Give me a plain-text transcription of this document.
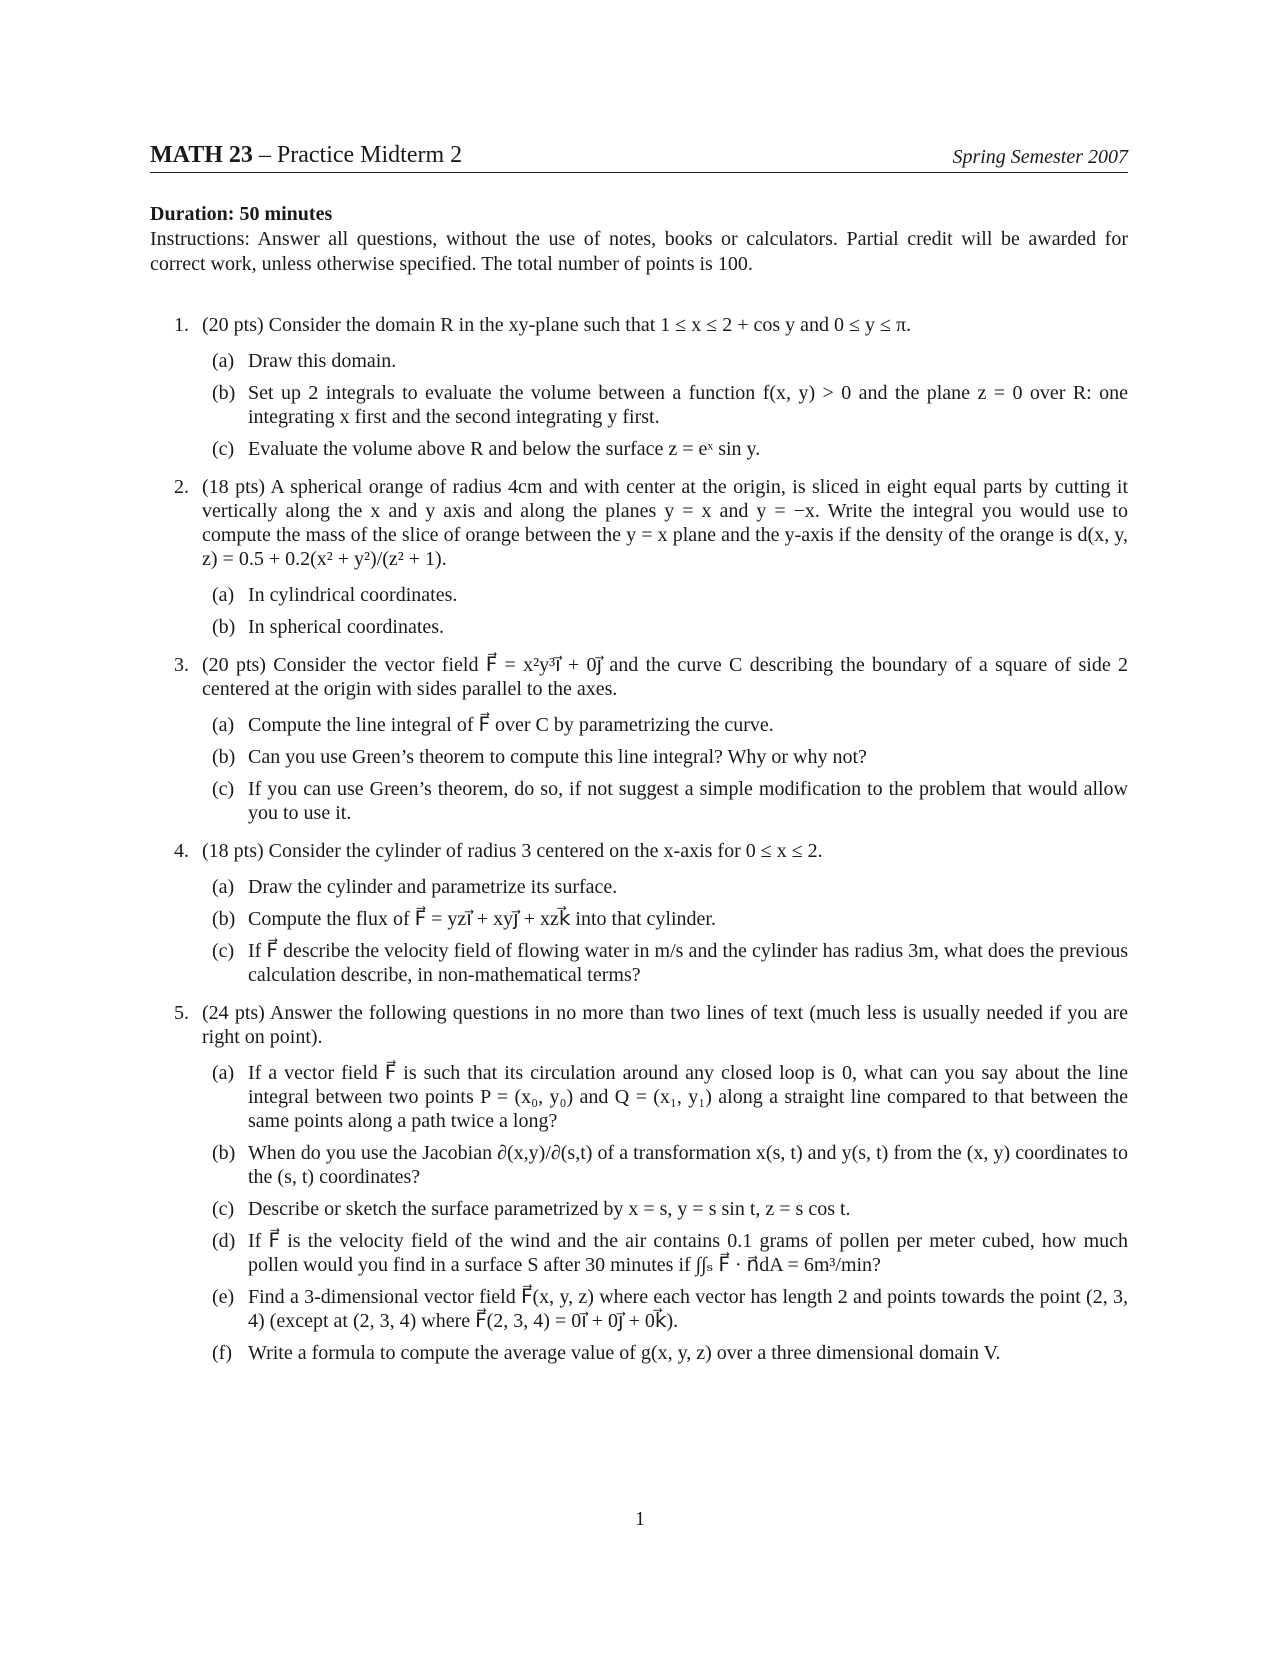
MATH 23 – Practice Midterm 2	Spring Semester 2007
Duration: 50 minutes
Instructions: Answer all questions, without the use of notes, books or calculators. Partial credit will be awarded for correct work, unless otherwise specified. The total number of points is 100.
1. (20 pts) Consider the domain R in the xy-plane such that 1 ≤ x ≤ 2 + cos y and 0 ≤ y ≤ π.
(a) Draw this domain.
(b) Set up 2 integrals to evaluate the volume between a function f(x, y) > 0 and the plane z = 0 over R: one integrating x first and the second integrating y first.
(c) Evaluate the volume above R and below the surface z = eˣ sin y.
2. (18 pts) A spherical orange of radius 4cm and with center at the origin, is sliced in eight equal parts by cutting it vertically along the x and y axis and along the planes y = x and y = −x. Write the integral you would use to compute the mass of the slice of orange between the y = x plane and the y-axis if the density of the orange is d(x, y, z) = 0.5 + 0.2(x² + y²)/(z² + 1).
(a) In cylindrical coordinates.
(b) In spherical coordinates.
3. (20 pts) Consider the vector field F⃗ = x²y³i⃗ + 0j⃗ and the curve C describing the boundary of a square of side 2 centered at the origin with sides parallel to the axes.
(a) Compute the line integral of F⃗ over C by parametrizing the curve.
(b) Can you use Green’s theorem to compute this line integral? Why or why not?
(c) If you can use Green’s theorem, do so, if not suggest a simple modification to the problem that would allow you to use it.
4. (18 pts) Consider the cylinder of radius 3 centered on the x-axis for 0 ≤ x ≤ 2.
(a) Draw the cylinder and parametrize its surface.
(b) Compute the flux of F⃗ = yzi⃗ + xyj⃗ + xzk⃗ into that cylinder.
(c) If F⃗ describe the velocity field of flowing water in m/s and the cylinder has radius 3m, what does the previous calculation describe, in non-mathematical terms?
5. (24 pts) Answer the following questions in no more than two lines of text (much less is usually needed if you are right on point).
(a) If a vector field F⃗ is such that its circulation around any closed loop is 0, what can you say about the line integral between two points P = (x₀, y₀) and Q = (x₁, y₁) along a straight line compared to that between the same points along a path twice a long?
(b) When do you use the Jacobian ∂(x,y)/∂(s,t) of a transformation x(s, t) and y(s, t) from the (x, y) coordinates to the (s, t) coordinates?
(c) Describe or sketch the surface parametrized by x = s, y = s sin t, z = s cos t.
(d) If F⃗ is the velocity field of the wind and the air contains 0.1 grams of pollen per meter cubed, how much pollen would you find in a surface S after 30 minutes if ∫∫ₛ F⃗ · n⃗dA = 6m³/min?
(e) Find a 3-dimensional vector field F⃗(x, y, z) where each vector has length 2 and points towards the point (2, 3, 4) (except at (2, 3, 4) where F⃗(2, 3, 4) = 0i⃗ + 0j⃗ + 0k⃗).
(f) Write a formula to compute the average value of g(x, y, z) over a three dimensional domain V.
1
